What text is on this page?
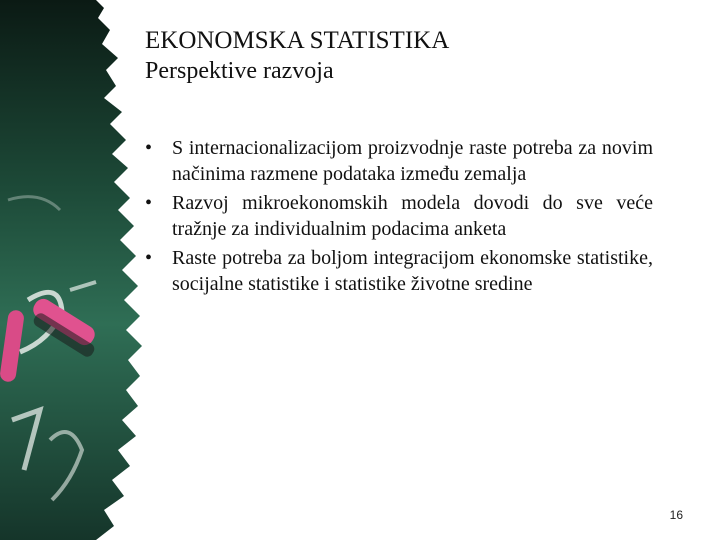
EKONOMSKA STATISTIKA
Perspektive razvoja
• S internacionalizacijom proizvodnje raste potreba za novim načinima razmene podataka između zemalja
• Razvoj mikroekonomskih modela dovodi do sve veće tražnje za individualnim podacima anketa
• Raste potreba za boljom integracijom ekonomske statistike, socijalne statistike i statistike životne sredine
16
